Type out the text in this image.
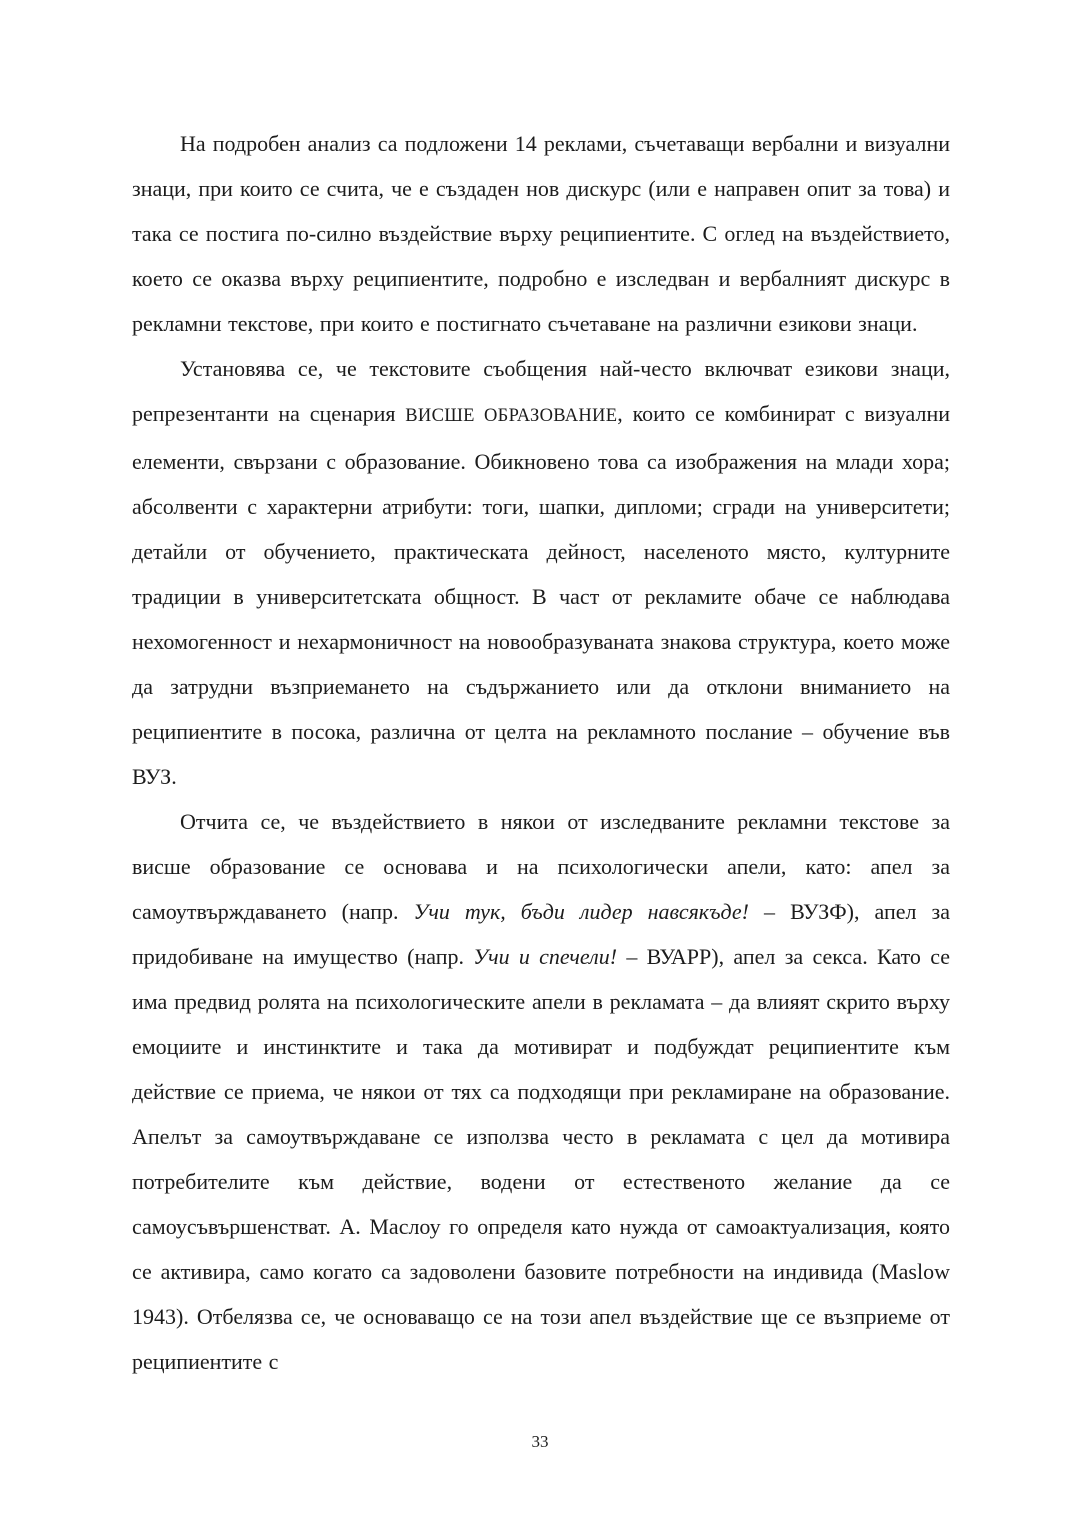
На подробен анализ са подложени 14 реклами, съчетаващи вербални и визуални знаци, при които се счита, че е създаден нов дискурс (или е направен опит за това) и така се постига по-силно въздействие върху реципиентите. С оглед на въздействието, което се оказва върху реципиентите, подробно е изследван и вербалният дискурс в рекламни текстове, при които е постигнато съчетаване на различни езикови знаци.

Установява се, че текстовите съобщения най-често включват езикови знаци, репрезентанти на сценария ВИСШЕ ОБРАЗОВАНИЕ, които се комбинират с визуални елементи, свързани с образование. Обикновено това са изображения на млади хора; абсолвенти с характерни атрибути: тоги, шапки, дипломи; сгради на университети; детайли от обучението, практическата дейност, населеното място, културните традиции в университетската общност. В част от рекламите обаче се наблюдава нехомогенност и нехармоничност на новообразуваната знакова структура, което може да затрудни възприемането на съдържанието или да отклони вниманието на реципиентите в посока, различна от целта на рекламното послание – обучение във ВУЗ.

Отчита се, че въздействието в някои от изследваните рекламни текстове за висше образование се основава и на психологически апели, като: апел за самоутвърждаването (напр. Учи тук, бъди лидер навсякъде! – ВУЗФ), апел за придобиване на имущество (напр. Учи и спечели! – ВУАРР), апел за секса. Като се има предвид ролята на психологическите апели в рекламата – да влияят скрито върху емоциите и инстинктите и така да мотивират и подбуждат реципиентите към действие се приема, че някои от тях са подходящи при рекламиране на образование. Апелът за самоутвърждаване се използва често в рекламата с цел да мотивира потребителите към действие, водени от естественото желание да се самоусъвършенстват. А. Маслоу го определя като нужда от самоактуализация, която се активира, само когато са задоволени базовите потребности на индивида (Maslow 1943). Отбелязва се, че основаващо се на този апел въздействие ще се възприеме от реципиентите с

33
